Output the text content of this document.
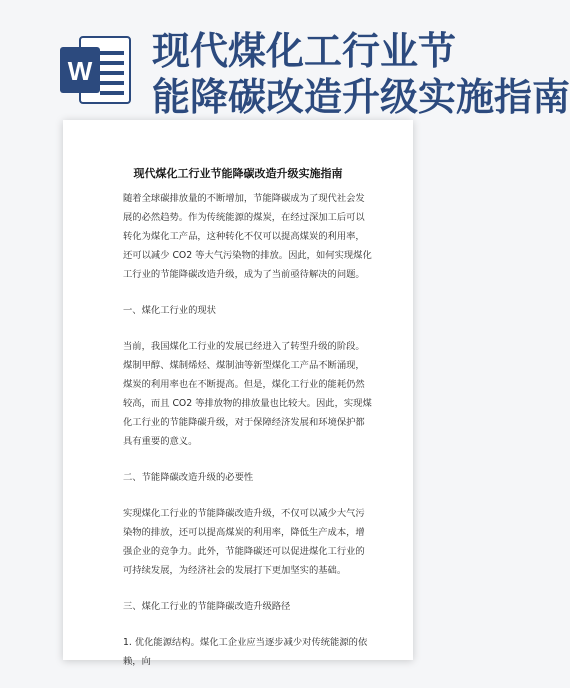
W 现代煤化工行业节
能降碳改造升级实施指南
现代煤化工行业节能降碳改造升级实施指南

随着全球碳排放量的不断增加，节能降碳成为了现代社会发展的必然趋势。作为传统能源的煤炭，在经过深加工后可以转化为煤化工产品，这种转化不仅可以提高煤炭的利用率，还可以减少 CO2 等大气污染物的排放。因此，如何实现煤化工行业的节能降碳改造升级，成为了当前亟待解决的问题。

一、煤化工行业的现状

当前，我国煤化工行业的发展已经进入了转型升级的阶段。煤制甲醇、煤制烯烃、煤制油等新型煤化工产品不断涌现，煤炭的利用率也在不断提高。但是，煤化工行业的能耗仍然较高，而且 CO2 等排放物的排放量也比较大。因此，实现煤化工行业的节能降碳升级，对于保障经济发展和环境保护都具有重要的意义。

二、节能降碳改造升级的必要性

实现煤化工行业的节能降碳改造升级，不仅可以减少大气污染物的排放，还可以提高煤炭的利用率，降低生产成本，增强企业的竞争力。此外，节能降碳还可以促进煤化工行业的可持续发展，为经济社会的发展打下更加坚实的基础。

三、煤化工行业的节能降碳改造升级路径

1. 优化能源结构。煤化工企业应当逐步减少对传统能源的依赖，向
